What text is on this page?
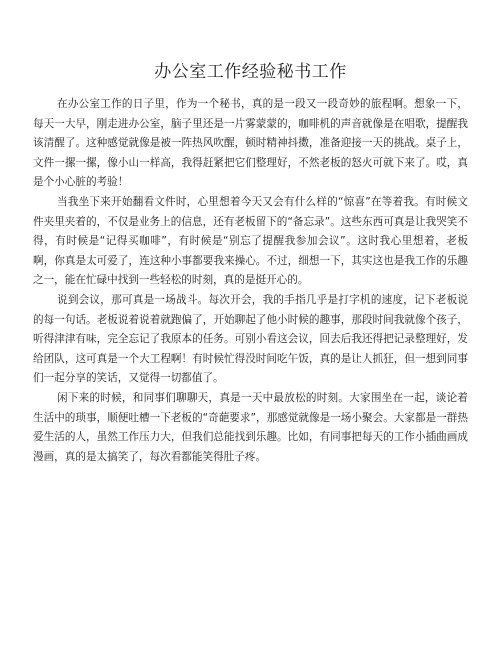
办公室工作经验秘书工作

在办公室工作的日子里，作为一个秘书，真的是一段又一段奇妙的旅程啊。想象一下，每天一大早，刚走进办公室，脑子里还是一片雾蒙蒙的，咖啡机的声音就像是在唱歌，提醒我该清醒了。这种感觉就像是被一阵热风吹醒，顿时精神抖擞，准备迎接一天的挑战。桌子上，文件一摞一摞，像小山一样高，我得赶紧把它们整理好，不然老板的怒火可就下来了。哎，真是个小心脏的考验！

当我坐下来开始翻看文件时，心里想着今天又会有什么样的“惊喜”在等着我。有时候文件夹里夹着的，不仅是业务上的信息，还有老板留下的“备忘录”。这些东西可真是让我哭笑不得，有时候是“记得买咖啡”，有时候是“别忘了提醒我参加会议”。这时我心里想着，老板啊，你真是太可爱了，连这种小事都要我来操心。不过，细想一下，其实这也是我工作的乐趣之一，能在忙碌中找到一些轻松的时刻，真的是挺开心的。

说到会议，那可真是一场战斗。每次开会，我的手指几乎是打字机的速度，记下老板说的每一句话。老板说着说着就跑偏了，开始聊起了他小时候的趣事，那段时间我就像个孩子，听得津津有味，完全忘记了我原本的任务。可别小看这会议，回去后我还得把记录整理好，发给团队，这可真是一个大工程啊！有时候忙得没时间吃午饭，真的是让人抓狂，但一想到同事们一起分享的笑话，又觉得一切都值了。

闲下来的时候，和同事们聊聊天，真是一天中最放松的时刻。大家围坐在一起，谈论着生活中的琐事，顺便吐槽一下老板的“奇葩要求”，那感觉就像是一场小聚会。大家都是一群热爱生活的人，虽然工作压力大，但我们总能找到乐趣。比如，有同事把每天的工作小插曲画成漫画，真的是太搞笑了，每次看都能笑得肚子疼。
